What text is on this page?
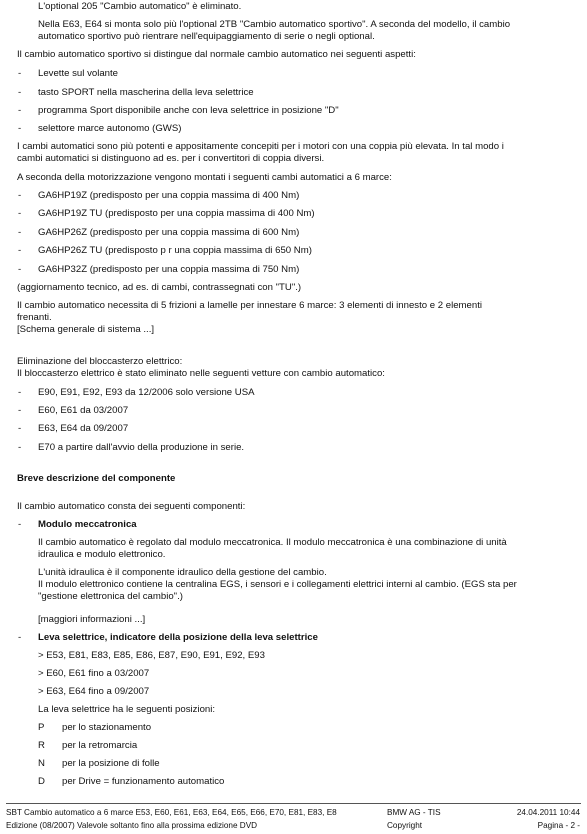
L'optional 205 "Cambio automatico" è eliminato.
Nella E63, E64 si monta solo più l'optional 2TB "Cambio automatico sportivo". A seconda del modello, il cambio
automatico sportivo può rientrare nell'equipaggiamento di serie o negli optional.
Il cambio automatico sportivo si distingue dal normale cambio automatico nei seguenti aspetti:
- Levette sul volante
- tasto SPORT nella mascherina della leva selettrice
- programma Sport disponibile anche con leva selettrice in posizione "D"
- selettore marce autonomo (GWS)
I cambi automatici sono più potenti e appositamente concepiti per i motori con una coppia più elevata. In tal modo i
cambi automatici si distinguono ad es. per i convertitori di coppia diversi.
A seconda della motorizzazione vengono montati i seguenti cambi automatici a 6 marce:
- GA6HP19Z (predisposto per una coppia massima di 400 Nm)
- GA6HP19Z TU (predisposto per una coppia massima di 400 Nm)
- GA6HP26Z (predisposto per una coppia massima di 600 Nm)
- GA6HP26Z TU (predisposto p r una coppia massima di 650 Nm)
- GA6HP32Z (predisposto per una coppia massima di 750 Nm)
(aggiornamento tecnico, ad es. di cambi, contrassegnati con "TU".)
Il cambio automatico necessita di 5 frizioni a lamelle per innestare 6 marce: 3 elementi di innesto e 2 elementi
frenanti.
[Schema generale di sistema ...]
Eliminazione del bloccasterzo elettrico:
Il bloccasterzo elettrico è stato eliminato nelle seguenti vetture con cambio automatico:
- E90, E91, E92, E93 da 12/2006 solo versione USA
- E60, E61 da 03/2007
- E63, E64 da 09/2007
- E70 a partire dall'avvio della produzione in serie.
Breve descrizione del componente
Il cambio automatico consta dei seguenti componenti:
- Modulo meccatronica
Il cambio automatico è regolato dal modulo meccatronica. Il modulo meccatronica è una combinazione di unità
idraulica e modulo elettronico.
L'unità idraulica è il componente idraulico della gestione del cambio.
Il modulo elettronico contiene la centralina EGS, i sensori e i collegamenti elettrici interni al cambio. (EGS sta per
"gestione elettronica del cambio".)
[maggiori informazioni ...]
- Leva selettrice, indicatore della posizione della leva selettrice
> E53, E81, E83, E85, E86, E87, E90, E91, E92, E93
> E60, E61 fino a 03/2007
> E63, E64 fino a 09/2007
La leva selettrice ha le seguenti posizioni:
P per lo stazionamento
R per la retromarcia
N per la posizione di folle
D per Drive = funzionamento automatico
SBT Cambio automatico a 6 marce E53, E60, E61, E63, E64, E65, E66, E70, E81, E83, E8
Edizione (08/2007) Valevole soltanto fino alla prossima edizione DVD
BMW AG - TIS
Copyright
24.04.2011 10:44
Pagina - 2 -
